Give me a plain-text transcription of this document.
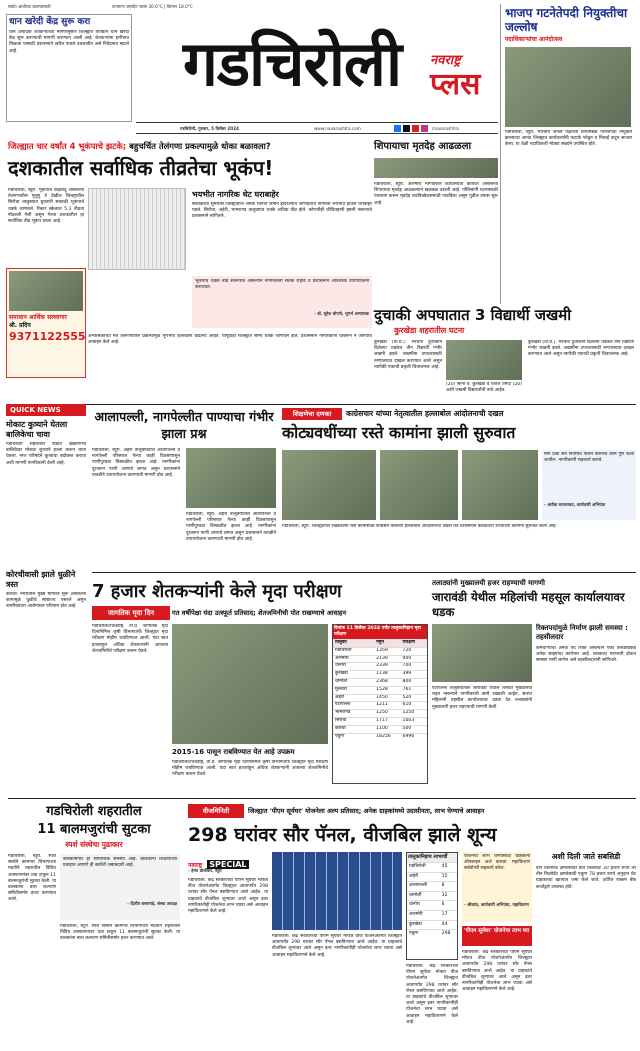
सर्वात आधीच्या बातम्यांसाठी	तापमानः जास्तीत जास्त 30.6°C | किमान 18.0°C
धान खरेदी केंद्र सुरू करा
धान उत्पादक शेतकऱ्यांच्या मागणीनुसार जिल्ह्यात तातडीने धान खरेदी केंद्र सुरू करण्याची मागणी करण्यात आली आहे. शेतकऱ्यांना हमीभाव मिळावा यासाठी प्रशासनाने त्वरित पावले उचलावीत असे निवेदनात म्हटले आहे.	गडचिरोली	नवराष्ट्र
प्लस
भाजप गटनेतेपदी नियुक्तीचा जल्लोष
पदाधिकाऱ्यांचा आनंदोत्सव
गडचिरोली, ब्यूरो. भारतीय जनता पक्षाच्या विधिमंडळ गटनेतेपदी नियुक्ती झाल्याचा आनंद जिल्ह्यात कार्यकर्त्यांनी फटाके फोडून व मिठाई वाटून साजरा केला. या वेळी पदाधिकारी मोठ्या संख्येने उपस्थित होते.
गडचिरोली, गुरुवार, 5 डिसेंबर 2024	www.navarashtra.com	/navarashtra
जिल्ह्यात चार वर्षांत 4 भूकंपाचे झटके; बहुचर्चित तेलंगणा प्रकल्पामुळे धोका बळावला?
दशकातील सर्वाधिक तीव्रतेचा भूकंप!
गडचिरोली, ब्यूरो. भूकंपाचे केंद्रबिंदू असलेल्या तेलंगणातील मुलुगु ते देखील जिल्ह्यातील सिरोंचा तालुक्यात बुधवारी सकाळी भूकंपाचे धक्के जाणवले. रिक्टर स्केलवर 5.3 तीव्रता नोंदवली गेली असून गेल्या दशकातील हा सर्वाधिक तीव्र भूकंप ठरला आहे.
भयभीत नागरिक थेट घराबाहेर
सकाळच्या सुमारास जिल्ह्यातील अनेक भागांत जमीन हादरल्याचे जाणवताच नागरिक भयभीत होऊन घराबाहेर पडले. सिरोंचा, अहेरी, भामरागड तालुक्यांत धक्के अधिक तीव्र होते. कोणतीही जीवितहानी झाली नसल्याचे प्रशासनाने सांगितले.
भूकंपाचे धक्के तीव्र स्वरूपाचे असल्याने नागरिकांनी सतर्क राहावे व प्रशासनाने आवश्यक उपाययोजना कराव्यात.
- डॉ. सुरेश चोपणे, भूगर्भ अभ्यासक
अभ्यासकांच्या मते तेलंगणातील प्रकल्पांमुळे भूगर्भीय हालचाली वाढल्या आहेत. यापूर्वीही जिल्ह्यात सौम्य धक्के जाणवले होते. प्रशासनाने नागरिकांना घाबरून न जाण्याचे आवाहन केले आहे.
शिपायाचा मृतदेह आढळला
गडचिरोली, ब्यूरो. आरमोरी मार्गावरील कार्यालयात कार्यरत असलेल्या शिपायाचा मृतदेह आढळल्याने खळबळ उडाली आहे. पोलिसांनी घटनास्थळी पंचनामा करून मृतदेह शवविच्छेदनासाठी पाठविला असून पुढील तपास सुरू आहे.
दुचाकी अपघातात 3 विद्यार्थी जखमी
कुरखेडा शहरातील घटना
कुरखेडा (ता.प्र.). भरधाव दुचाकीने दिलेल्या धडकेत तीन विद्यार्थी गंभीर जखमी झाले. जखमींना उपचारासाठी रुग्णालयात दाखल करण्यात आले असून त्यापैकी एकाची प्रकृती चिंताजनक आहे.
(20) सोनी व. कुरखेडा व राजेश उमेदी (20) अशी जखमी विद्यार्थ्यांची नावे आहेत.
कुरखेडा (ता.प्र.). भरधाव दुचाकीने दिलेल्या धडकेत तीन विद्यार्थी गंभीर जखमी झाले. जखमींना उपचारासाठी रुग्णालयात दाखल करण्यात आले असून त्यापैकी एकाची प्रकृती चिंताजनक आहे.
समाधान आर्थिक सल्लागार
श्री. प्रदिप
9371122555
QUICK NEWS
मोकाट कुत्र्याने घेतला बालिकेचा चावा
गडचिरोली शहरातील वार्डात खेळणाऱ्या बालिकेवर मोकाट कुत्र्याने हल्ला करून चावा घेतला. नगर परिषदेने कुत्र्यांचा बंदोबस्त करावा अशी मागणी नागरिकांनी केली आहे.
कोरचीवासी झाले धुळीने त्रस्त
कोरची. नगरातील मुख्य मार्गावर सुरू असलेल्या कामामुळे धुळीचे साम्राज्य पसरले असून नागरिकांच्या आरोग्यावर परिणाम होत आहे.
आलापल्ली, नागपेल्लीत पाण्याचा गंभीर झाला प्रश्न
गडचिरोली, ब्यूरो. अहेरी तालुक्यातील आलापल्ली व नागपेल्ली परिसरात गेल्या काही दिवसांपासून पाणीपुरवठा विस्कळीत झाला आहे. नागरिकांना दूरवरून पाणी आणावे लागत असून प्रशासनाने तातडीने उपाययोजना करण्याची मागणी होत आहे.
गडचिरोली, ब्यूरो. अहेरी तालुक्यातील आलापल्ली व नागपेल्ली परिसरात गेल्या काही दिवसांपासून पाणीपुरवठा विस्कळीत झाला आहे. नागरिकांना दूरवरून पाणी आणावे लागत असून प्रशासनाने तातडीने उपाययोजना करण्याची मागणी होत आहे.
शिक्षणेचा दणका	काग्रेसचार यांच्या नेतृत्वातील हल्लाबोल आंदोलनाची दखल
कोट्यवधींच्या रस्ते कामांना झाली सुरुवात
मार्ग प्रश्नी सर्व नियमांचे पालन करूनच कामे पूर्ण केली जातील. नागरिकांनी सहकार्य करावे.
- अतीक काजलकर, कार्यकारी अभियंता
गडचिरोली, ब्यूरो. जिल्ह्यातील रखडलेल्या रस्ते कामांसाठी काँग्रेसने केलेल्या हल्लाबोल आंदोलनाची दखल घेत प्रशासनाने कोट्यवधी रुपयांच्या कामांना सुरुवात केली आहे.
7 हजार शेतकऱ्यांनी केले मृदा परीक्षण
जागतिक मृदा दिन	गत वर्षीपेक्षा यंदा उत्स्फूर्त प्रतिसाद; शेतजमिनीची पोत राखण्याचे आवाहन
गडचिरोली/चिचडोह, ता.प्र. जागतिक मृदा दिनानिमित्त कृषी विभागातर्फे जिल्ह्यात मृदा परीक्षण मोहीम राबविण्यात आली. यंदा सात हजारांहून अधिक शेतकऱ्यांनी आपल्या शेतजमिनीचे परीक्षण करून घेतले.
2015-16 पासून राबविण्यात येत आहे उपक्रम
गडचिरोली/चिचडोह, ता.प्र. जागतिक मृदा दिनानिमित्त कृषी विभागातर्फे जिल्ह्यात मृदा परीक्षण मोहीम राबविण्यात आली. यंदा सात हजारांहून अधिक शेतकऱ्यांनी आपल्या शेतजमिनीचे परीक्षण करून घेतले.
दिनांक 11 डिसेंबर 2024 पर्यंत तालुकानिहाय मृदा परीक्षण
तालुका	नमुने	परीक्षण
गडचिरोली	1359	720
आरमोरी	2139	900
धानोरा	2339	700
कुरखेडा	1138	399
चामोर्शी	2368	800
मुलचेरा	1528	761
अहेरी	1450	520
एटापल्ली	1211	610
भामरागड	1250	1250
सिरोंचा	1717	1003
कोरची	1100	500
एकूण	18256	6996
तलाठ्यांनी मुख्यालयी हजर राहण्याची मागणी
जारावंडी येथील महिलांची महसूल कार्यालयावर धडक
एटापल्ली तालुक्यातील जारावंडी येथील तलाठी मुख्यालयी राहत नसल्याने नागरिकांची कामे रखडली आहेत. संतप्त महिलांनी तहसील कार्यालयावर धडक देत तलाठ्यांनी मुख्यालयी हजर राहण्याची मागणी केली.
रिक्तपदांमुळे निर्माण झाली समस्या : तहसीलदार
कर्मचाऱ्यांची अनेक पदे रिक्त असल्याने एका तलाठ्याकडे अनेक साझ्यांचा कार्यभार आहे. लवकरच पदभरती होऊन समस्या मार्गी लागेल असे तहसीलदारांनी सांगितले.
गडचिरोली शहरातील
11 बालमजुरांची सुटका
स्पर्श संस्थेचा पुढाकार
गडचिरोली, ब्यूरो. स्पर्श संस्थेने कामगार विभागाच्या मदतीने शहरातील विविध आस्थापनांवर धाड टाकून 11 बालमजुरांची सुटका केली. या बालकांना बाल कल्याण समितीसमोर हजर करण्यात आले.
बालकामगार ही सामाजिक समस्या आहे. बालकांना शिक्षणाच्या प्रवाहात आणणे ही सर्वांची जबाबदारी आहे.
- दिलीप बरसागडे, संस्था अध्यक्ष
गडचिरोली, ब्यूरो. स्पर्श संस्थेने कामगार विभागाच्या मदतीने शहरातील विविध आस्थापनांवर धाड टाकून 11 बालमजुरांची सुटका केली. या बालकांना बाल कल्याण समितीसमोर हजर करण्यात आले.
वीजमिनिती	जिल्ह्यात 'पीएम सूर्यघर' योजनेला अल्प प्रतिसाद; अनेक ग्राहकांमध्ये उदासीनता, लाभ घेण्याचे आवाहन
298 घरांवर सौर पॅनल, वीजबिल झाले शून्य
नवराष्ट्र SPECIAL
- हेमंत डोर्लीकर, ब्यूरो
गडचिरोली. केंद्र सरकारच्या पीएम सूर्यघर मोफत वीज योजनेअंतर्गत जिल्ह्यात आतापर्यंत 298 घरांवर सौर पॅनल बसविण्यात आले आहेत. या ग्राहकांचे वीजबिल शून्यावर आले असून इतर नागरिकांनीही योजनेचा लाभ घ्यावा असे आवाहन महावितरणने केले आहे.
गडचिरोली. केंद्र सरकारच्या पीएम सूर्यघर मोफत वीज योजनेअंतर्गत जिल्ह्यात आतापर्यंत 298 घरांवर सौर पॅनल बसविण्यात आले आहेत. या ग्राहकांचे वीजबिल शून्यावर आले असून इतर नागरिकांनीही योजनेचा लाभ घ्यावा असे आवाहन महावितरणने केले आहे.
तालुकानिहाय लाभार्थी
गडचिरोली	45
अहेरी	15
आलापल्ली	8
चामोर्शी	32
धानोरा	6
आरमोरी	17
कुरखेडा	44
एकूण	298
गडचिरोली. केंद्र सरकारच्या पीएम सूर्यघर मोफत वीज योजनेअंतर्गत जिल्ह्यात आतापर्यंत 298 घरांवर सौर पॅनल बसविण्यात आले आहेत. या ग्राहकांचे वीजबिल शून्यावर आले असून इतर नागरिकांनीही योजनेचा लाभ घ्यावा असे आवाहन महावितरणने केले आहे.
योजनेचा लाभ घेण्यासाठी ग्राहकांनी ऑनलाइन अर्ज करावा. महावितरण सर्वतोपरी सहकार्य करेल.
- श्रीकांत, कार्यकारी अभियंता, महावितरण
'पीएम सूर्यघर' योजनेचा लाभ घ्या
गडचिरोली. केंद्र सरकारच्या पीएम सूर्यघर मोफत वीज योजनेअंतर्गत जिल्ह्यात आतापर्यंत 298 घरांवर सौर पॅनल बसविण्यात आले आहेत. या ग्राहकांचे वीजबिल शून्यावर आले असून इतर नागरिकांनीही योजनेचा लाभ घ्यावा असे आवाहन महावितरणने केले आहे.
अशी दिली जाते सबसिडी
दोन किलोवॅट क्षमतेसाठी प्रति किलोवॅट 30 हजार रुपये तर तीन किलोवॅट क्षमतेसाठी एकूण 78 हजार रुपये अनुदान थेट ग्राहकाच्या खात्यात जमा केले जाते. उर्वरित रक्कम बँक कर्जाद्वारे उपलब्ध होते.
